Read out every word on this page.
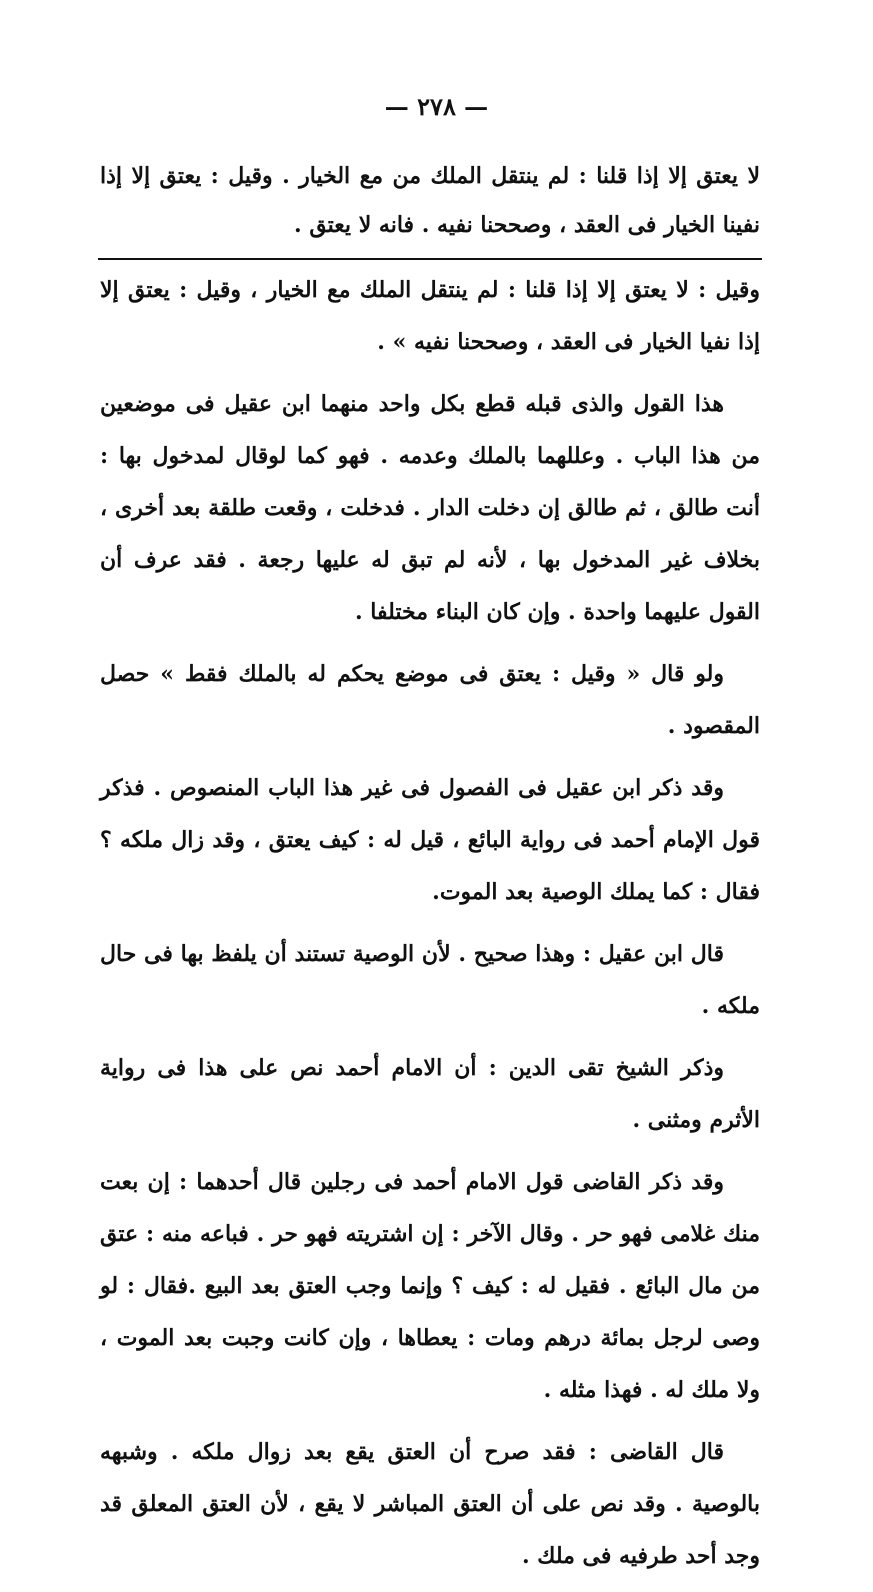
— ٢٧٨ —
لا يعتق إلا إذا قلنا : لم ينتقل الملك من مع الخيار . وقيل : يعتق إلا إذا نفينا الخيار فى العقد ، وصححنا نفيه . فانه لا يعتق .

وقيل : لا يعتق إلا إذا قلنا : لم ينتقل الملك مع الخيار ، وقيل : يعتق إلا إذا نفيا الخيار فى العقد ، وصححنا نفيه » .

هذا القول والذى قبله قطع بكل واحد منهما ابن عقيل فى موضعين من هذا الباب . وعللهما بالملك وعدمه . فهو كما لوقال لمدخول بها : أنت طالق ، ثم طالق إن دخلت الدار . فدخلت ، وقعت طلقة بعد أخرى ، بخلاف غير المدخول بها ، لأنه لم تبق له عليها رجعة . فقد عرف أن القول عليهما واحدة . وإن كان البناء مختلفا .

ولو قال « وقيل : يعتق فى موضع يحكم له بالملك فقط » حصل المقصود .

وقد ذكر ابن عقيل فى الفصول فى غير هذا الباب المنصوص . فذكر قول الإمام أحمد فى رواية البائع ، قيل له : كيف يعتق ، وقد زال ملكه ؟ فقال : كما يملك الوصية بعد الموت.

قال ابن عقيل : وهذا صحيح . لأن الوصية تستند أن يلفظ بها فى حال ملكه .

وذكر الشيخ تقى الدين : أن الامام أحمد نص على هذا فى رواية الأثرم ومثنى .

وقد ذكر القاضى قول الامام أحمد فى رجلين قال أحدهما : إن بعت منك غلامى فهو حر . وقال الآخر : إن اشتريته فهو حر . فباعه منه : عتق من مال البائع . فقيل له : كيف ؟ وإنما وجب العتق بعد البيع .فقال : لو وصى لرجل بمائة درهم ومات : يعطاها ، وإن كانت وجبت بعد الموت ، ولا ملك له . فهذا مثله .

قال القاضى : فقد صرح أن العتق يقع بعد زوال ملكه . وشبهه بالوصية . وقد نص على أن العتق المباشر لا يقع ، لأن العتق المعلق قد وجد أحد طرفيه فى ملك .
